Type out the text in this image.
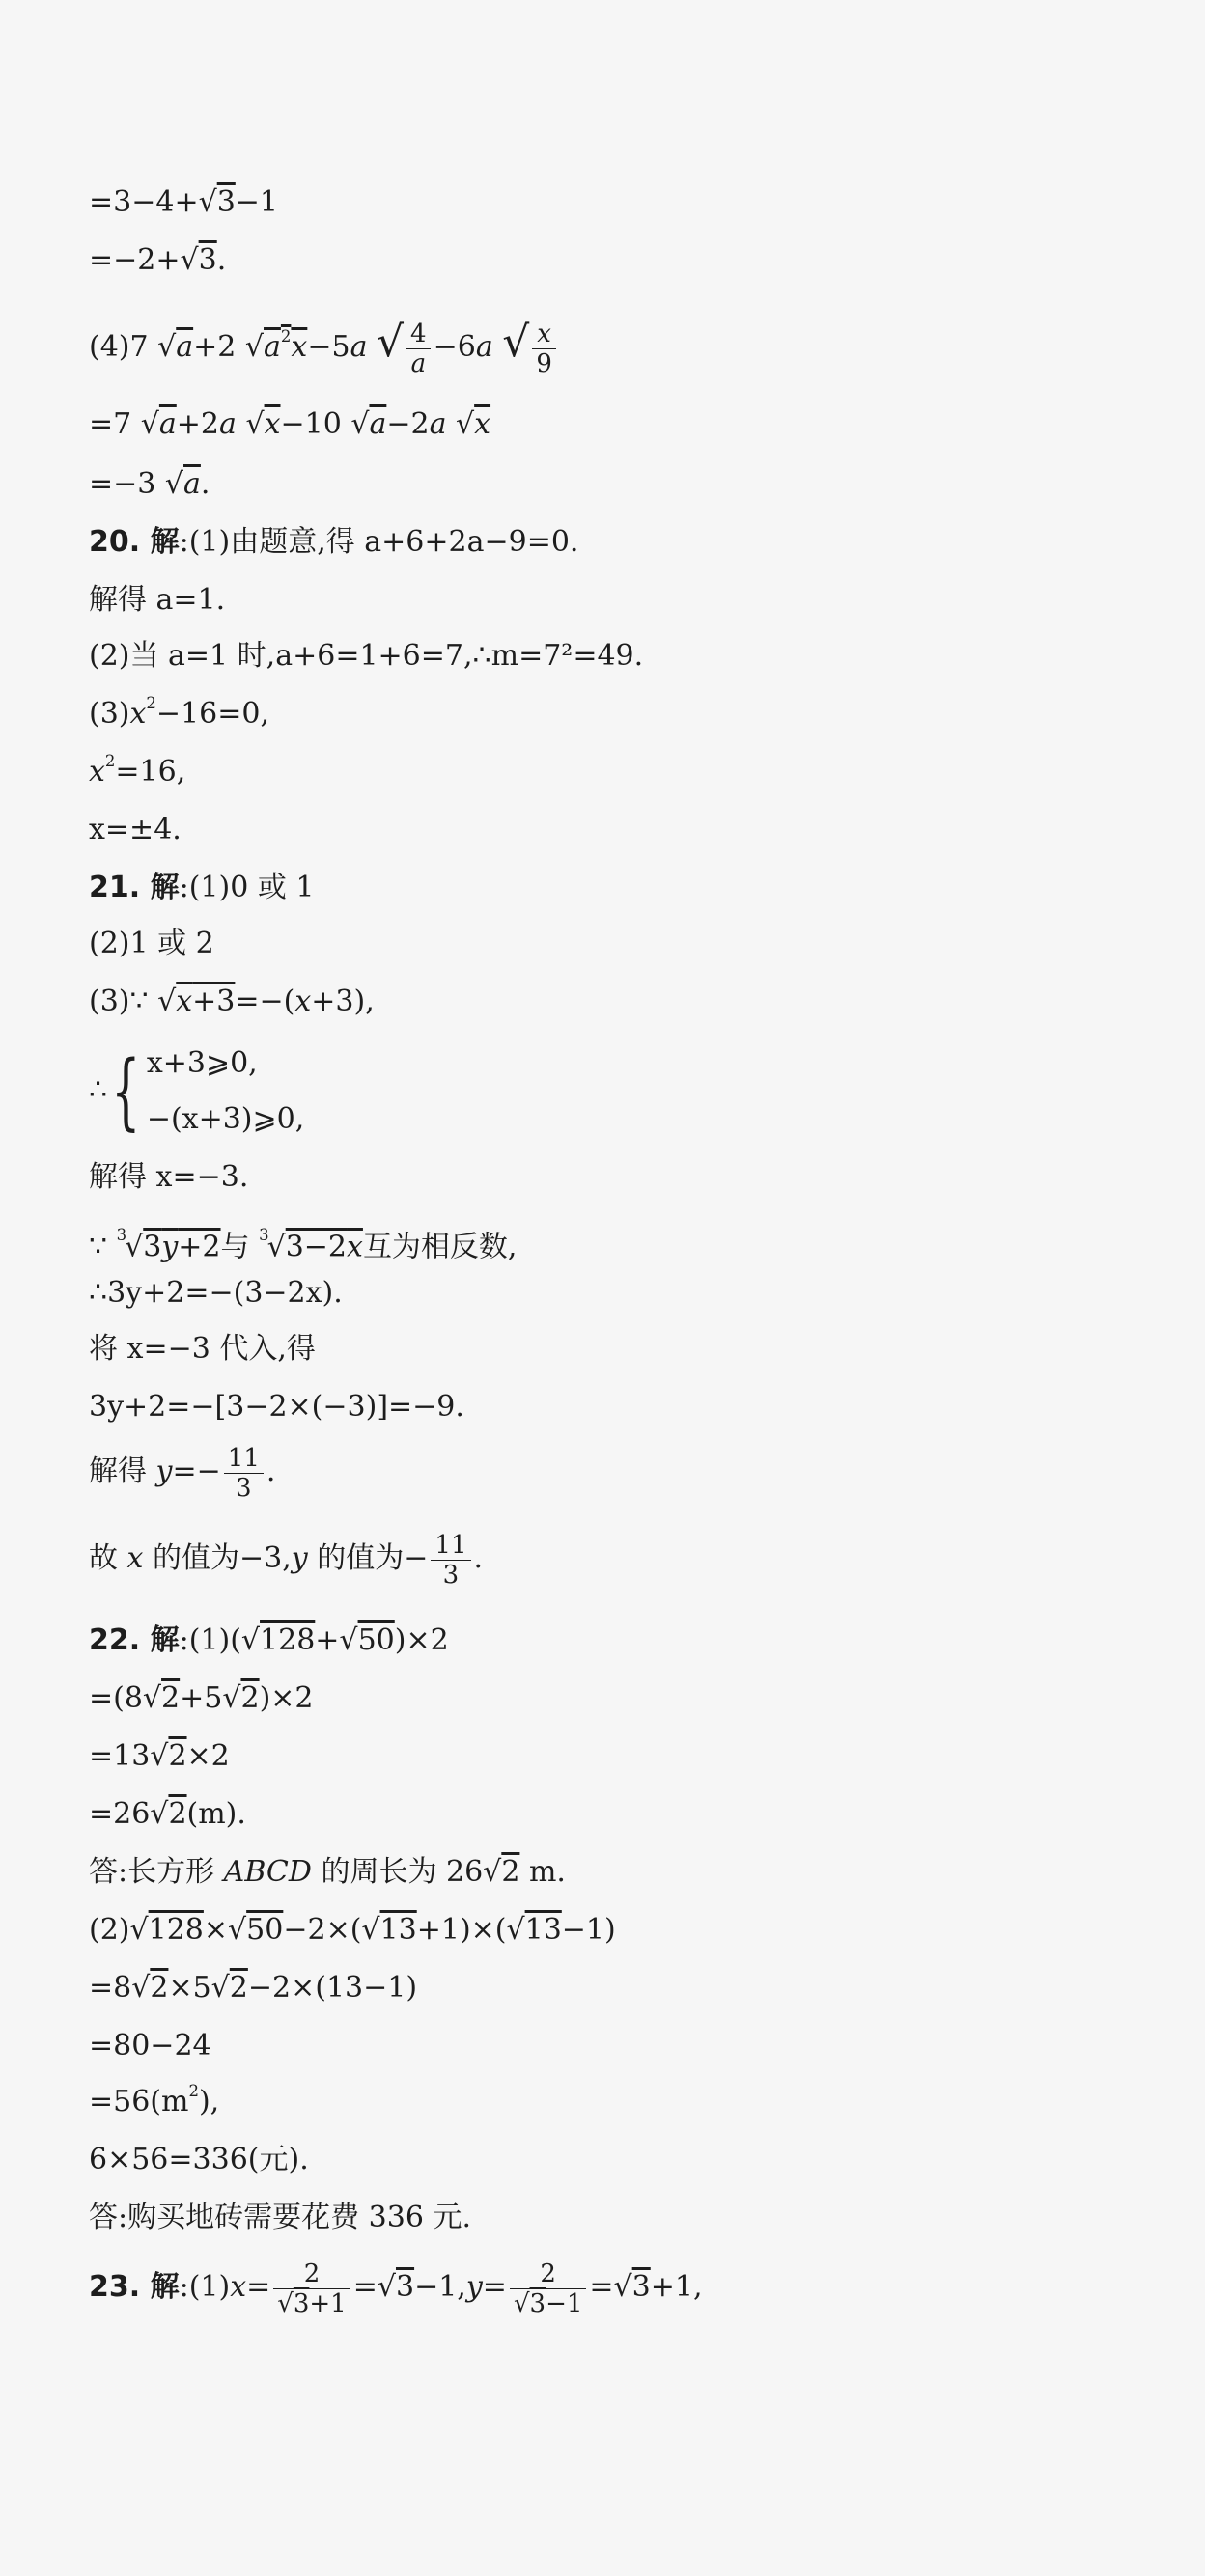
=3−4+√3−1
=−2+√3.
(4)7 √a+2 $√a^2x-5a$ √ $\frac{4}{a} -6a$ √ $\frac{x}{9}$
=7 √a+2a √x−10 √a−2a √x
=−3 √a.
20. 解:(1)由题意,得 a+6+2a−9=0.
解得 a=1.
(2)当 a=1 时,a+6=1+6=7,∴m=7²=49.
$(3)x^2-16=0$,
$x^2=16$,
x=±4.
21. 解:(1)0 或 1
(2)1 或 2
(3)∵ √x+3=−(x+3),
∴{ x+3⩾0,
−(x+3)⩾0,
解得 x=−3.
∵ $^3$√3y+2与 $^3$√3−2x互为相反数,
∴3y+2=−(3−2x).
将 x=−3 代入,得
3y+2=−[3−2×(−3)]=−9.
解得 $y=- \frac{11}{3}$ .
故 x 的值为−3,y 的值为− $\frac{11}{3}$ .
22. 解:(1)(√128+√50)×2
=(8√2+5√2)×2
=13√2×2
=26√2(m).
答:长方形 ABCD 的周长为 26√2 m.
(2)√128×√50−2×(√13+1)×(√13−1)
=8√2×5√2−2×(13−1)
=80−24
$=56(m^2)$,
6×56=336(元).
答:购买地砖需要花费 336 元.
23. 解:(1)x= $\frac{2}{√3+1} =√3-1,y= \frac{2}{√3-1} =√3+1$,
